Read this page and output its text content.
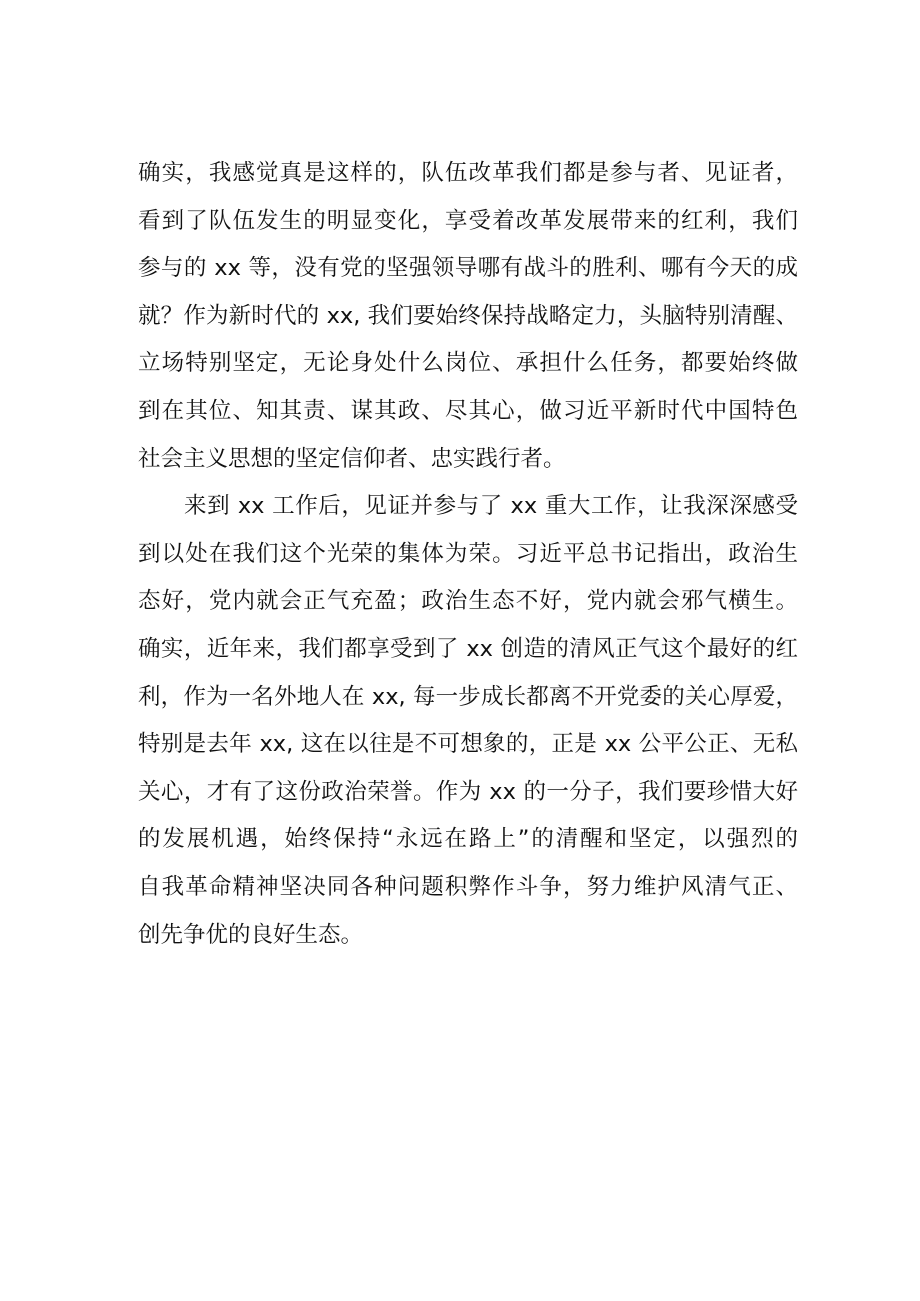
确实，我感觉真是这样的，队伍改革我们都是参与者、见证者，
看到了队伍发生的明显变化，享受着改革发展带来的红利，我们
参与的 xx 等，没有党的坚强领导哪有战斗的胜利、哪有今天的成
就？作为新时代的 xx, 我们要始终保持战略定力，头脑特别清醒、
立场特别坚定，无论身处什么岗位、承担什么任务，都要始终做
到在其位、知其责、谋其政、尽其心，做习近平新时代中国特色
社会主义思想的坚定信仰者、忠实践行者。
来到 xx 工作后，见证并参与了 xx 重大工作，让我深深感受
到以处在我们这个光荣的集体为荣。习近平总书记指出，政治生
态好，党内就会正气充盈；政治生态不好，党内就会邪气横生。
确实，近年来，我们都享受到了 xx 创造的清风正气这个最好的红
利，作为一名外地人在 xx, 每一步成长都离不开党委的关心厚爱，
特别是去年 xx, 这在以往是不可想象的，正是 xx 公平公正、无私
关心，才有了这份政治荣誉。作为 xx 的一分子，我们要珍惜大好
的发展机遇，始终保持“永远在路上”的清醒和坚定，以强烈的
自我革命精神坚决同各种问题积弊作斗争，努力维护风清气正、
创先争优的良好生态。
